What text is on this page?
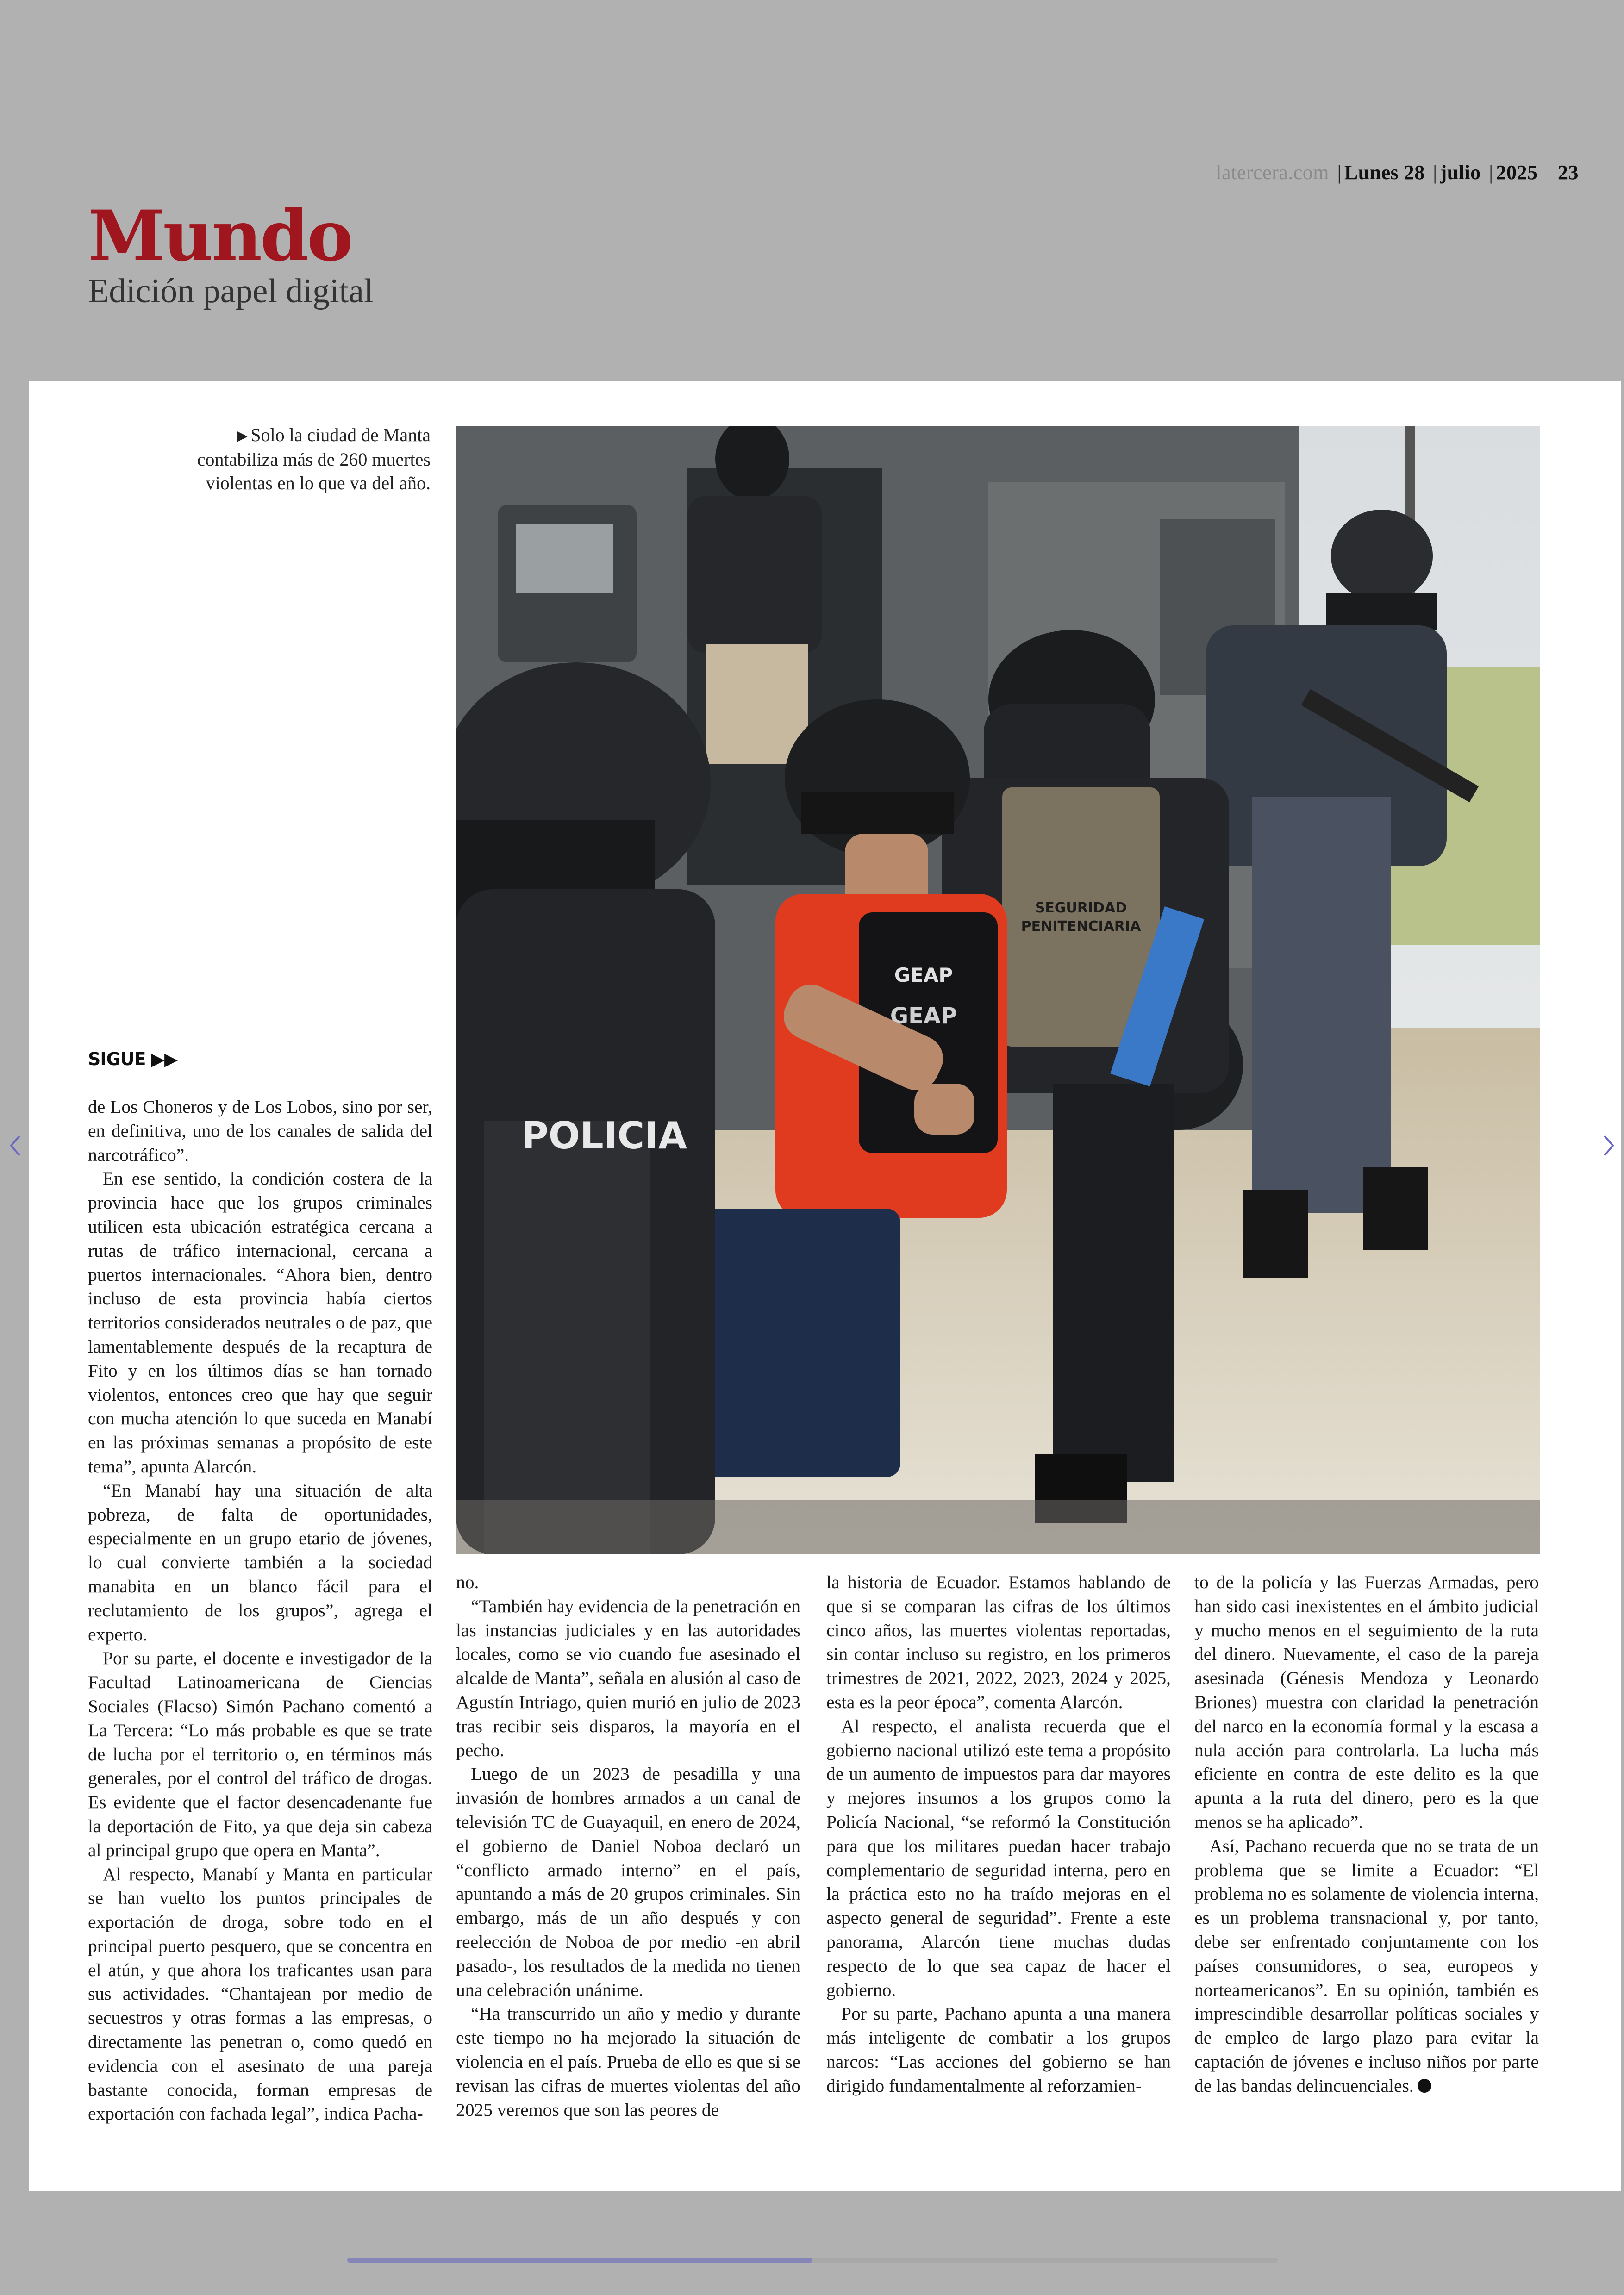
latercera.com | Lunes 28 | julio | 2025 23
Mundo
Edición papel digital
▶ Solo la ciudad de Manta contabiliza más de 260 muertes violentas en lo que va del año.
SEGURIDAD
PENITENCIARIA
GEAP
GEAP
POLICIA
SIGUE ▶▶

de Los Choneros y de Los Lobos, sino por ser, en definitiva, uno de los canales de salida del narcotráfico”.

En ese sentido, la condición costera de la provincia hace que los grupos criminales utilicen esta ubicación estratégica cercana a rutas de tráfico internacional, cercana a puertos internacionales. “Ahora bien, dentro incluso de esta provincia había ciertos territorios considerados neutrales o de paz, que lamentablemente después de la recaptura de Fito y en los últimos días se han tornado violentos, entonces creo que hay que seguir con mucha atención lo que suceda en Manabí en las próximas semanas a propósito de este tema”, apunta Alarcón.

“En Manabí hay una situación de alta pobreza, de falta de oportunidades, especialmente en un grupo etario de jóvenes, lo cual convierte también a la sociedad manabita en un blanco fácil para el reclutamiento de los grupos”, agrega el experto.

Por su parte, el docente e investigador de la Facultad Latinoamericana de Ciencias Sociales (Flacso) Simón Pachano comentó a La Tercera: “Lo más probable es que se trate de lucha por el territorio o, en términos más generales, por el control del tráfico de drogas. Es evidente que el factor desencadenante fue la deportación de Fito, ya que deja sin cabeza al principal grupo que opera en Manta”.

Al respecto, Manabí y Manta en particular se han vuelto los puntos principales de exportación de droga, sobre todo en el principal puerto pesquero, que se concentra en el atún, y que ahora los traficantes usan para sus actividades. “Chantajean por medio de secuestros y otras formas a las empresas, o directamente las penetran o, como quedó en evidencia con el asesinato de una pareja bastante conocida, forman empresas de exportación con fachada legal”, indica Pacha-

no.

“También hay evidencia de la penetración en las instancias judiciales y en las autoridades locales, como se vio cuando fue asesinado el alcalde de Manta”, señala en alusión al caso de Agustín Intriago, quien murió en julio de 2023 tras recibir seis disparos, la mayoría en el pecho.

Luego de un 2023 de pesadilla y una invasión de hombres armados a un canal de televisión TC de Guayaquil, en enero de 2024, el gobierno de Daniel Noboa declaró un “conflicto armado interno” en el país, apuntando a más de 20 grupos criminales. Sin embargo, más de un año después y con reelección de Noboa de por medio -en abril pasado-, los resultados de la medida no tienen una celebración unánime.

“Ha transcurrido un año y medio y durante este tiempo no ha mejorado la situación de violencia en el país. Prueba de ello es que si se revisan las cifras de muertes violentas del año 2025 veremos que son las peores de

la historia de Ecuador. Estamos hablando de que si se comparan las cifras de los últimos cinco años, las muertes violentas reportadas, sin contar incluso su registro, en los primeros trimestres de 2021, 2022, 2023, 2024 y 2025, esta es la peor época”, comenta Alarcón.

Al respecto, el analista recuerda que el gobierno nacional utilizó este tema a propósito de un aumento de impuestos para dar mayores y mejores insumos a los grupos como la Policía Nacional, “se reformó la Constitución para que los militares puedan hacer trabajo complementario de seguridad interna, pero en la práctica esto no ha traído mejoras en el aspecto general de seguridad”. Frente a este panorama, Alarcón tiene muchas dudas respecto de lo que sea capaz de hacer el gobierno.

Por su parte, Pachano apunta a una manera más inteligente de combatir a los grupos narcos: “Las acciones del gobierno se han dirigido fundamentalmente al reforzamien-

to de la policía y las Fuerzas Armadas, pero han sido casi inexistentes en el ámbito judicial y mucho menos en el seguimiento de la ruta del dinero. Nuevamente, el caso de la pareja asesinada (Génesis Mendoza y Leonardo Briones) muestra con claridad la penetración del narco en la economía formal y la escasa a nula acción para controlarla. La lucha más eficiente en contra de este delito es la que apunta a la ruta del dinero, pero es la que menos se ha aplicado”.

Así, Pachano recuerda que no se trata de un problema que se limite a Ecuador: “El problema no es solamente de violencia interna, es un problema transnacional y, por tanto, debe ser enfrentado conjuntamente con los países consumidores, o sea, europeos y norteamericanos”. En su opinión, también es imprescindible desarrollar políticas sociales y de empleo de largo plazo para evitar la captación de jóvenes e incluso niños por parte de las bandas delincuenciales.
